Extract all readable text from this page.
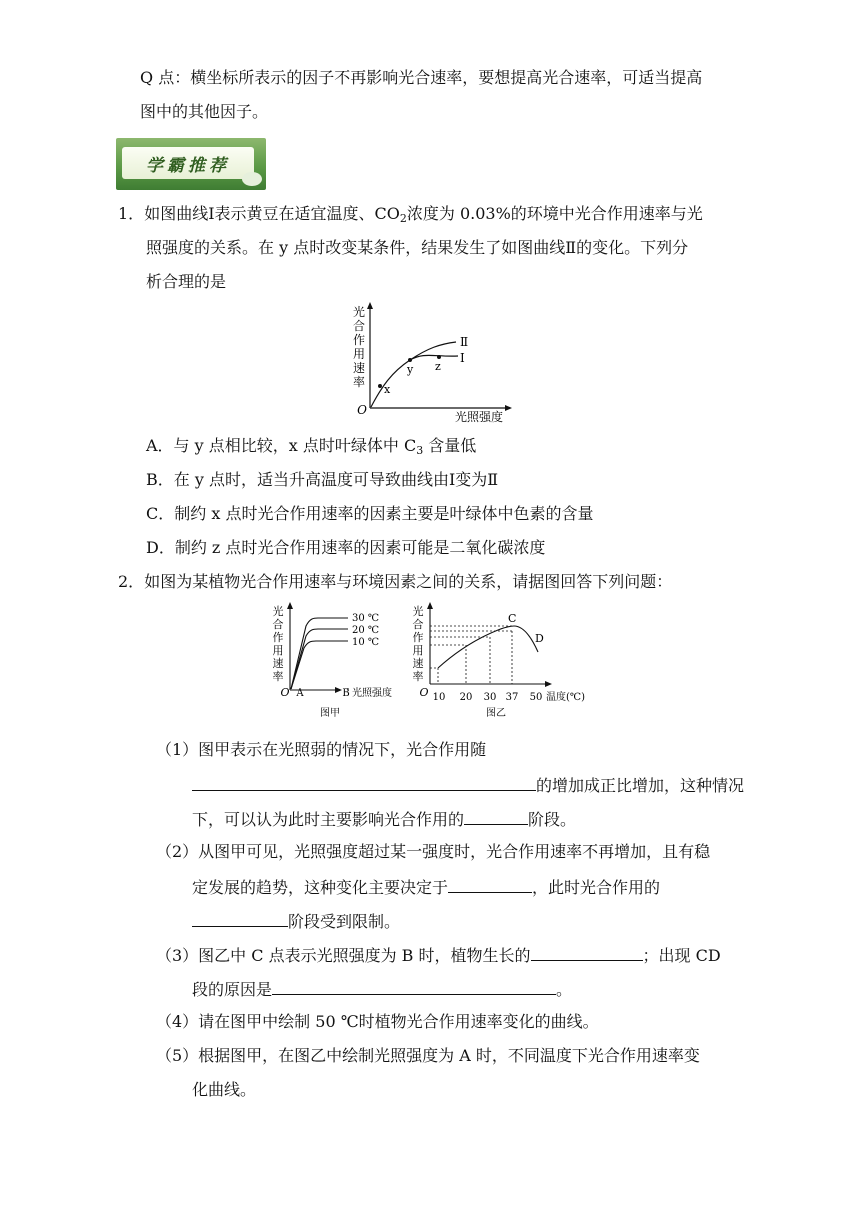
Q 点：横坐标所表示的因子不再影响光合速率，要想提高光合速率，可适当提高
图中的其他因子。
学霸推荐
1．如图曲线Ⅰ表示黄豆在适宜温度、$CO_2$浓度为 0.03%的环境中光合作用速率与光
照强度的关系。在 y 点时改变某条件，结果发生了如图曲线Ⅱ的变化。下列分
析合理的是
光
合
作
用
速
率
O	光照强度
Ⅱ
Ⅰ
x
y z
A．与 y 点相比较，x 点时叶绿体中 $C_3$ 含量低
B．在 y 点时，适当升高温度可导致曲线由Ⅰ变为Ⅱ
C．制约 x 点时光合作用速率的因素主要是叶绿体中色素的含量
D．制约 z 点时光合作用速率的因素可能是二氧化碳浓度
2．如图为某植物光合作用速率与环境因素之间的关系，请据图回答下列问题：
光
合
作
用
速
率
O
30 ℃
20 ℃
10 ℃
A	B 光照强度
图甲
光
合
作
用
速
率
O
C
D
10 20 30 37 50 温度(℃)
图乙
（1）图甲表示在光照弱的情况下，光合作用随
的增加成正比增加，这种情况
下，可以认为此时主要影响光合作用的	阶段。
（2）从图甲可见，光照强度超过某一强度时，光合作用速率不再增加，且有稳
定发展的趋势，这种变化主要决定于	，此时光合作用的
阶段受到限制。
（3）图乙中 C 点表示光照强度为 B 时，植物生长的	；出现 CD
段的原因是	。
（4）请在图甲中绘制 50 ℃时植物光合作用速率变化的曲线。
（5）根据图甲，在图乙中绘制光照强度为 A 时，不同温度下光合作用速率变
化曲线。
